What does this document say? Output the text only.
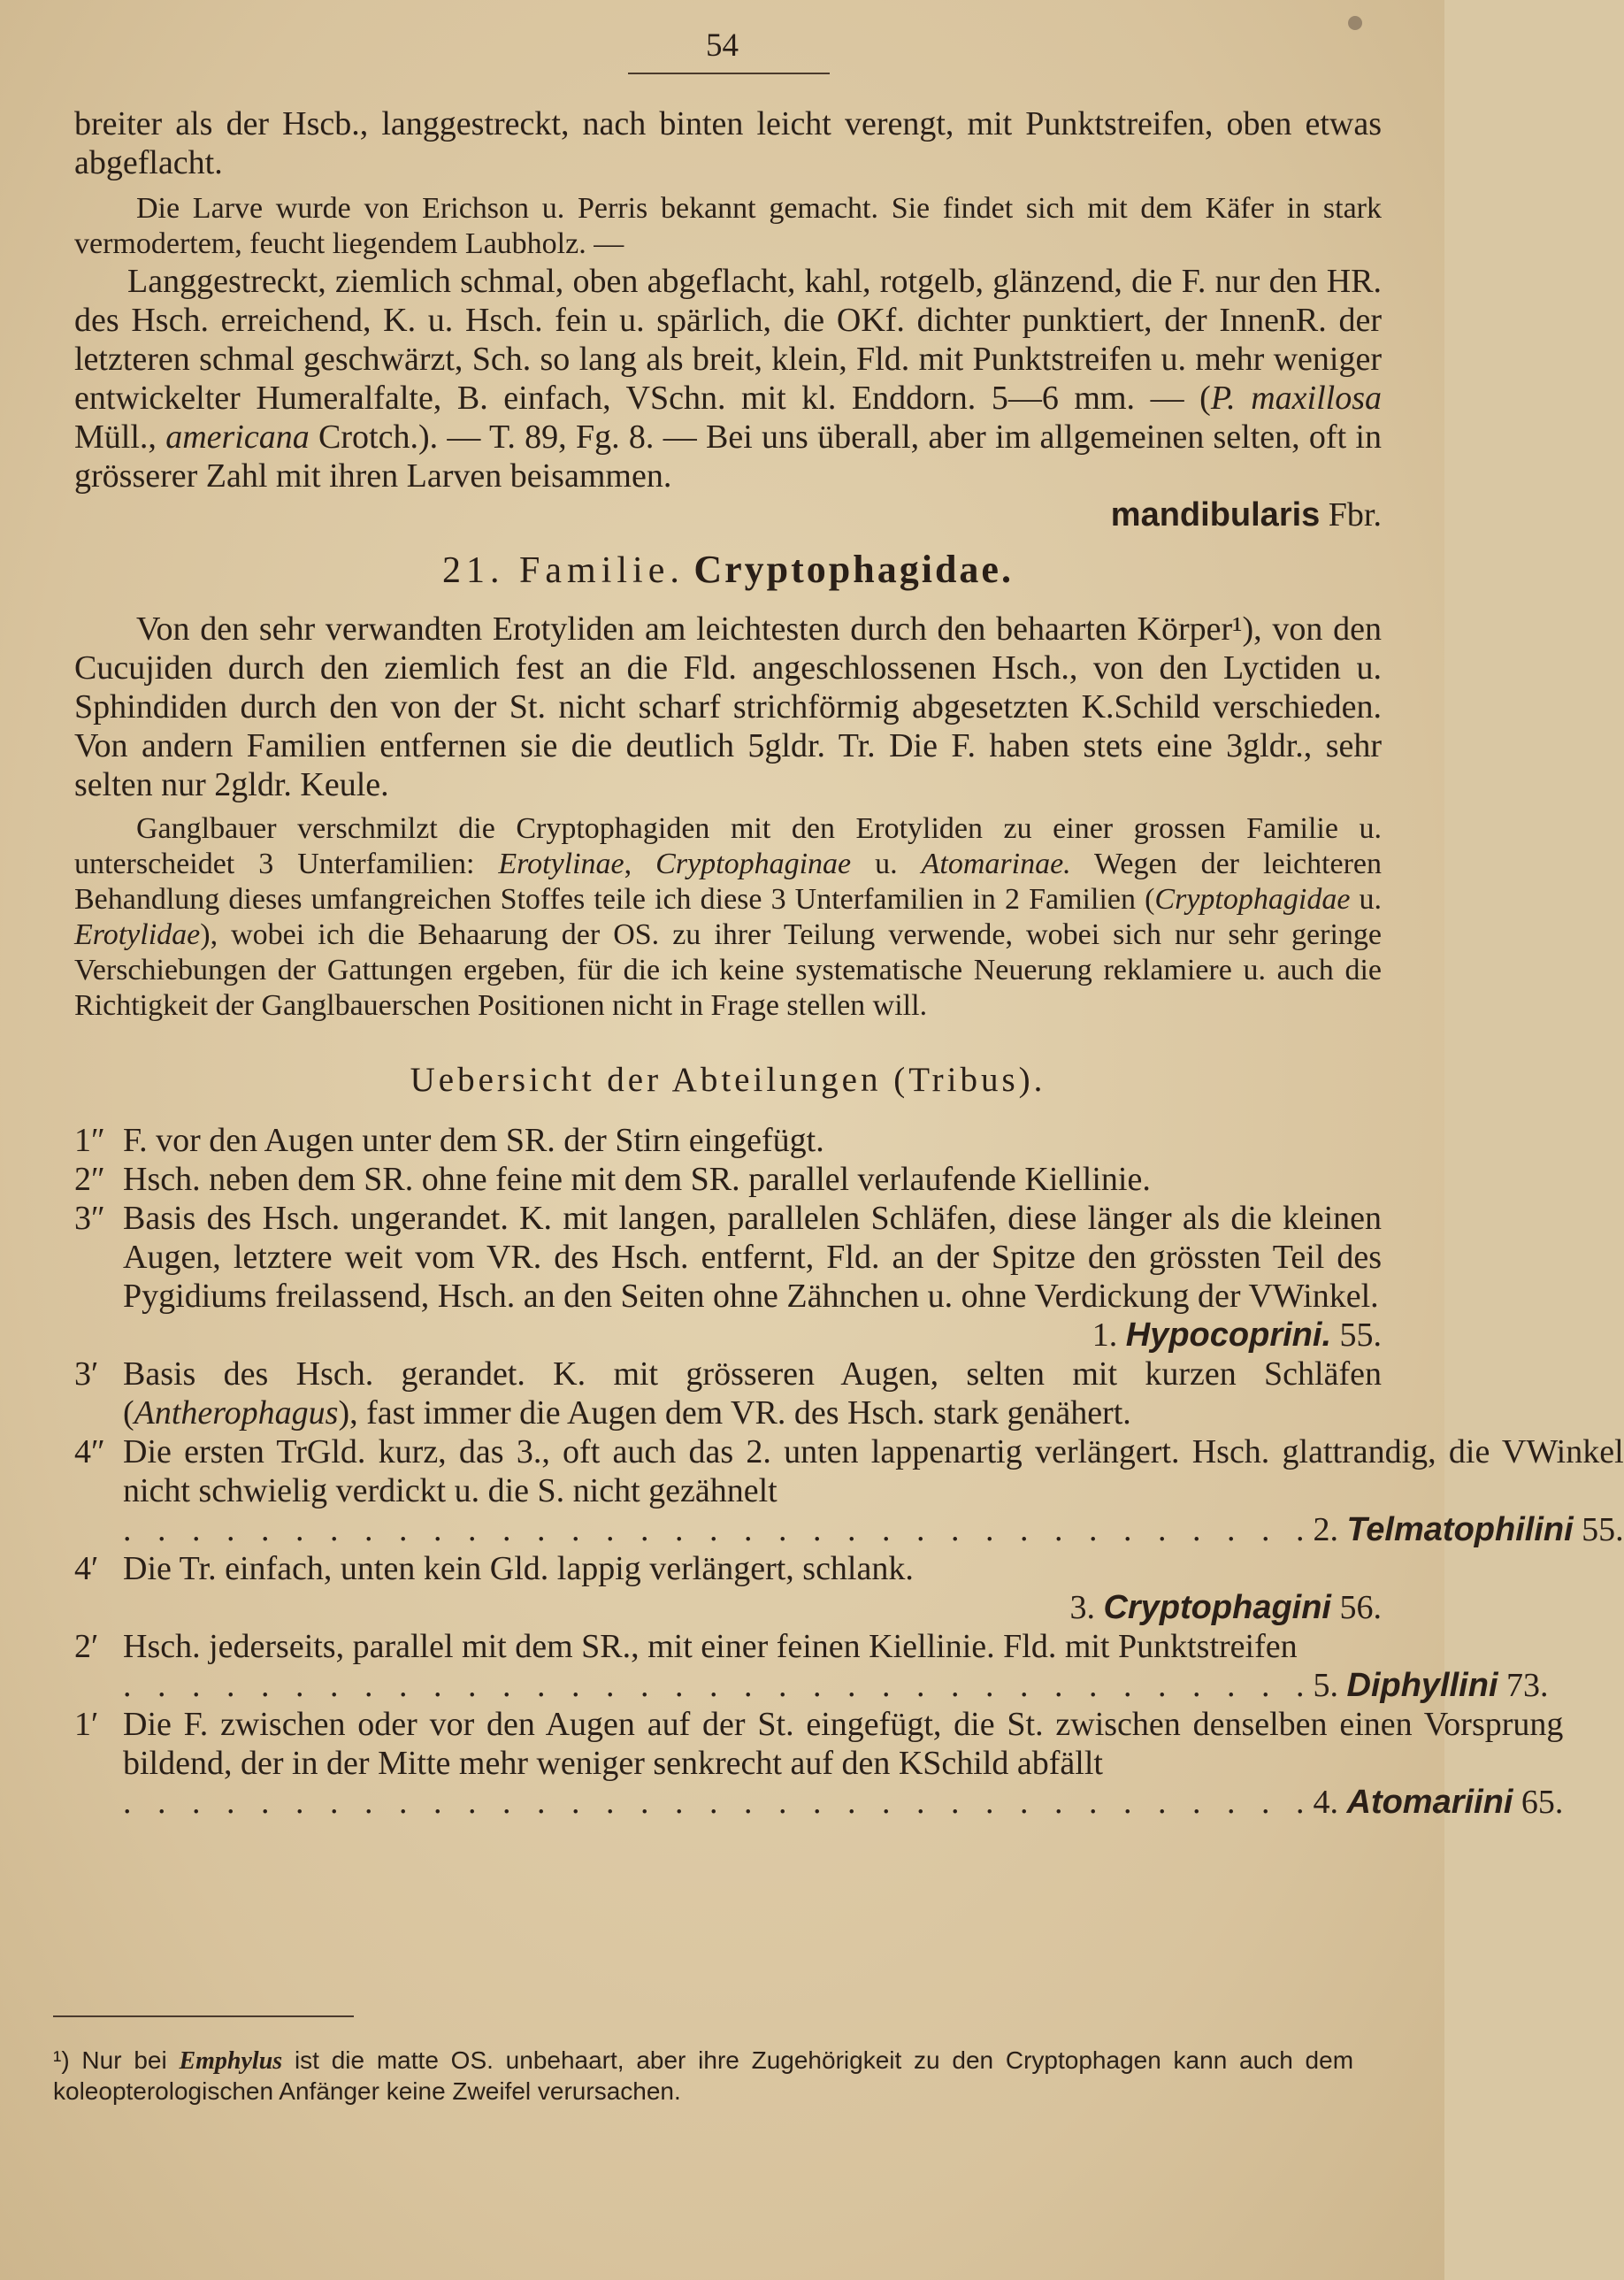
54

breiter als der Hscb., langgestreckt, nach binten leicht verengt, mit Punktstreifen, oben etwas abgeflacht.

Die Larve wurde von Erichson u. Perris bekannt gemacht. Sie findet sich mit dem Käfer in stark vermodertem, feucht liegendem Laubholz. —

Langgestreckt, ziemlich schmal, oben abgeflacht, kahl, rotgelb, glänzend, die F. nur den HR. des Hsch. erreichend, K. u. Hsch. fein u. spärlich, die OKf. dichter punktiert, der InnenR. der letzteren schmal geschwärzt, Sch. so lang als breit, klein, Fld. mit Punktstreifen u. mehr weniger entwickelter Humeralfalte, B. einfach, VSchn. mit kl. Enddorn. 5—6 mm. — (P. maxillosa Müll., americana Crotch.). — T. 89, Fg. 8. — Bei uns überall, aber im allgemeinen selten, oft in grösserer Zahl mit ihren Larven beisammen.

mandibularis Fbr.

21. Familie. Cryptophagidae.

Von den sehr verwandten Erotyliden am leichtesten durch den behaarten Körper¹), von den Cucujiden durch den ziemlich fest an die Fld. angeschlossenen Hsch., von den Lyctiden u. Sphindiden durch den von der St. nicht scharf strichförmig abgesetzten K.Schild verschieden. Von andern Familien entfernen sie die deutlich 5gldr. Tr. Die F. haben stets eine 3gldr., sehr selten nur 2gldr. Keule.

Ganglbauer verschmilzt die Cryptophagiden mit den Erotyliden zu einer grossen Familie u. unterscheidet 3 Unterfamilien: Erotylinae, Cryptophaginae u. Atomarinae. Wegen der leichteren Behandlung dieses umfangreichen Stoffes teile ich diese 3 Unterfamilien in 2 Familien (Cryptophagidae u. Erotylidae), wobei ich die Behaarung der OS. zu ihrer Teilung verwende, wobei sich nur sehr geringe Verschiebungen der Gattungen ergeben, für die ich keine systematische Neuerung reklamiere u. auch die Richtigkeit der Ganglbauerschen Positionen nicht in Frage stellen will.

Uebersicht der Abteilungen (Tribus).
1″ F. vor den Augen unter dem SR. der Stirn eingefügt.
2″ Hsch. neben dem SR. ohne feine mit dem SR. parallel verlaufende Kiellinie.
3″ Basis des Hsch. ungerandet. K. mit langen, parallelen Schläfen, diese länger als die kleinen Augen, letztere weit vom VR. des Hsch. entfernt, Fld. an der Spitze den grössten Teil des Pygidiums freilassend, Hsch. an den Seiten ohne Zähnchen u. ohne Verdickung der VWinkel.
1. Hypocoprini. 55.
3′ Basis des Hsch. gerandet. K. mit grösseren Augen, selten mit kurzen Schläfen (Antherophagus), fast immer die Augen dem VR. des Hsch. stark genähert.
4″ Die ersten TrGld. kurz, das 3., oft auch das 2. unten lappenartig verlängert. Hsch. glattrandig, die VWinkel nicht schwielig verdickt u. die S. nicht gezähnelt
. . . . . . . . . . . . . . . . . . . . . . . . . . . . . . . . . . . 2.
Telmatophilini
55.
4′ Die Tr. einfach, unten kein Gld. lappig verlängert, schlank.
3. Cryptophagini 56.
2′ Hsch. jederseits, parallel mit dem SR., mit einer feinen Kiellinie. Fld. mit Punktstreifen
. . . . . . . . . . . . . . . . . . . . . . . . . . . . . . . . . . . 5.
Diphyllini
73.
1′ Die F. zwischen oder vor den Augen auf der St. eingefügt, die St. zwischen denselben einen Vorsprung bildend, der in der Mitte mehr weniger senkrecht auf den KSchild abfällt
. . . . . . . . . . . . . . . . . . . . . . . . . . . . . . . . . . . 4.
Atomariini
65.
¹) Nur bei Emphylus ist die matte OS. unbehaart, aber ihre Zugehörigkeit zu den Cryptophagen kann auch dem koleopterologischen Anfänger keine Zweifel verursachen.
